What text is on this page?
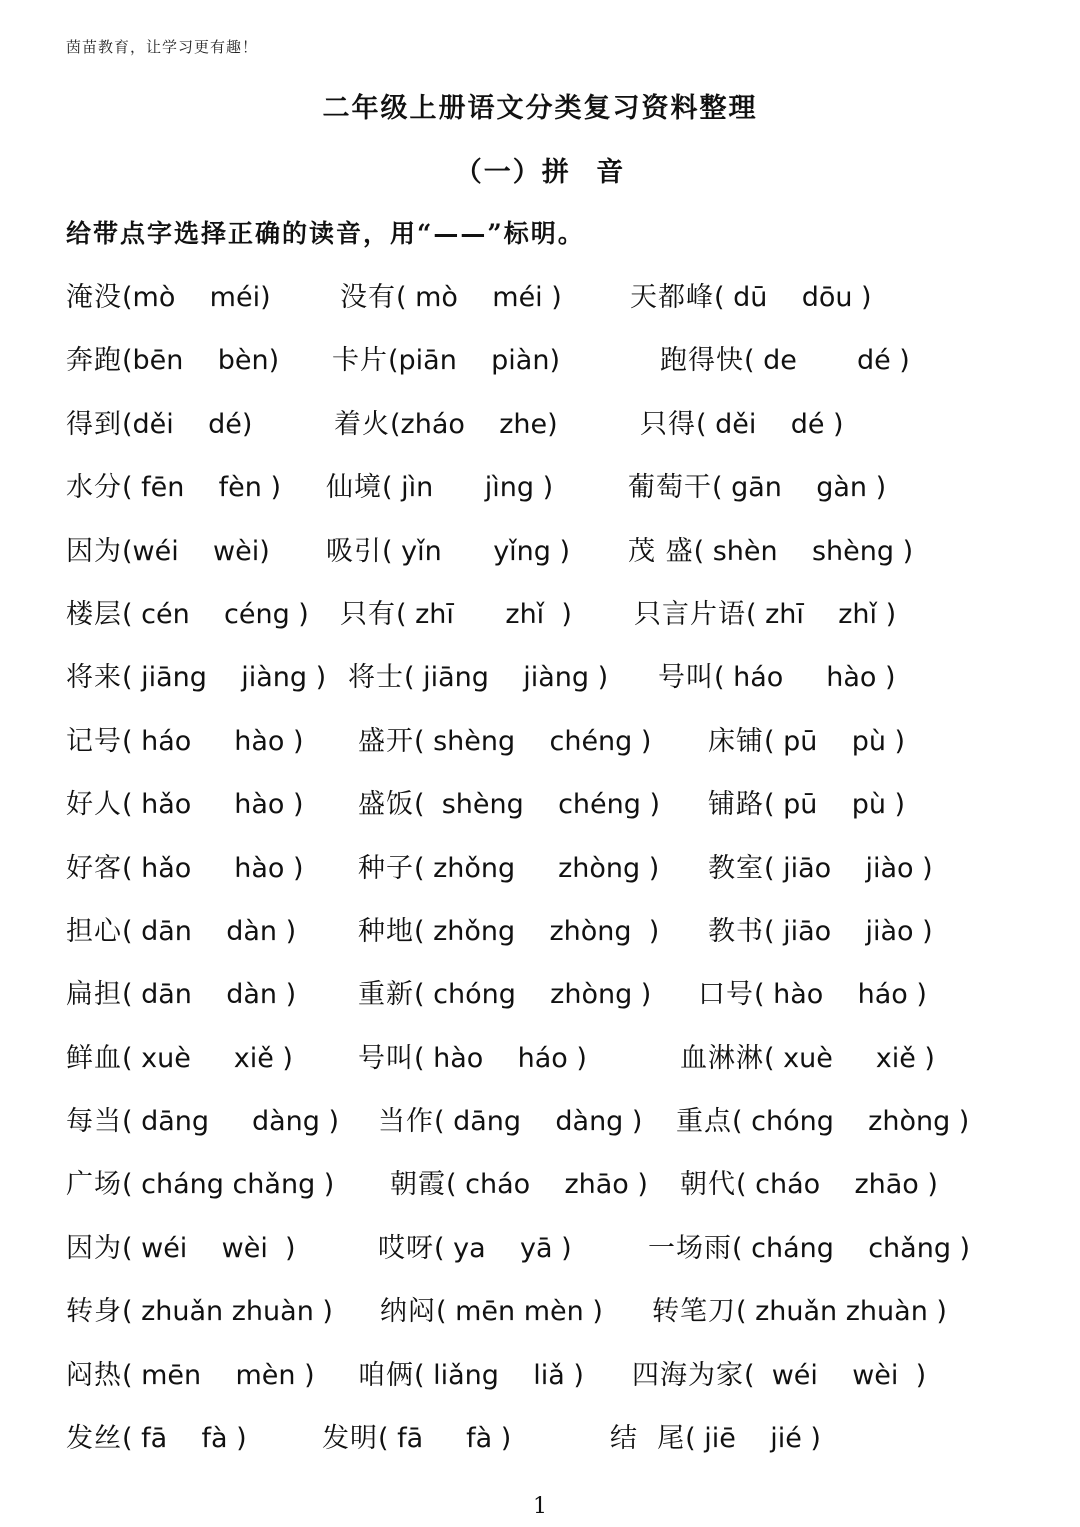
茵苗教育，让学习更有趣！
二年级上册语文分类复习资料整理
（一）拼 音
给带点字选择正确的读音，用“——”标明。
淹没(mò    méi)	没有( mò    méi )	天都峰( dū    dōu )
奔跑(bēn    bèn) 卡片(piān    piàn)	跑得快( de       dé )
得到(děi    dé)	着火(zháo    zhe)	只得( děi    dé )
水分( fēn    fèn ) 仙境( jìn      jìng )	葡萄干( gān    gàn )
因为(wéi    wèi) 吸引( yǐn      yǐng ) 茂 盛( shèn    shèng )
楼层( cén    céng ) 只有( zhī      zhǐ  ) 只言片语( zhī    zhǐ )
将来( jiāng    jiàng ) 将士( jiāng    jiàng ) 号叫( háo     hào )
记号( háo     hào ) 盛开( shèng    chéng ) 床铺( pū    pù )
好人( hǎo     hào ) 盛饭(  shèng    chéng ) 铺路( pū    pù )
好客( hǎo     hào ) 种子( zhǒng     zhòng ) 教室( jiāo    jiào )
担心( dān    dàn ) 种地( zhǒng    zhòng  ) 教书( jiāo    jiào )
扁担( dān    dàn ) 重新( chóng    zhòng ) 口号( hào    háo )
鲜血( xuè     xiě ) 号叫( hào    háo )	血淋淋( xuè     xiě )
每当( dāng     dàng ) 当作( dāng    dàng ) 重点( chóng    zhòng )
广场( cháng chǎng ) 朝霞( cháo    zhāo ) 朝代( cháo    zhāo )
因为( wéi    wèi  )	哎呀( ya    yā )	一场雨( cháng    chǎng )
转身( zhuǎn zhuàn ) 纳闷( mēn mèn ) 转笔刀( zhuǎn zhuàn )
闷热( mēn    mèn ) 咱俩( liǎng    liǎ ) 四海为家(  wéi    wèi  )
发丝( fā    fà )	发明( fā     fà )	结  尾( jiē    jié )
1
